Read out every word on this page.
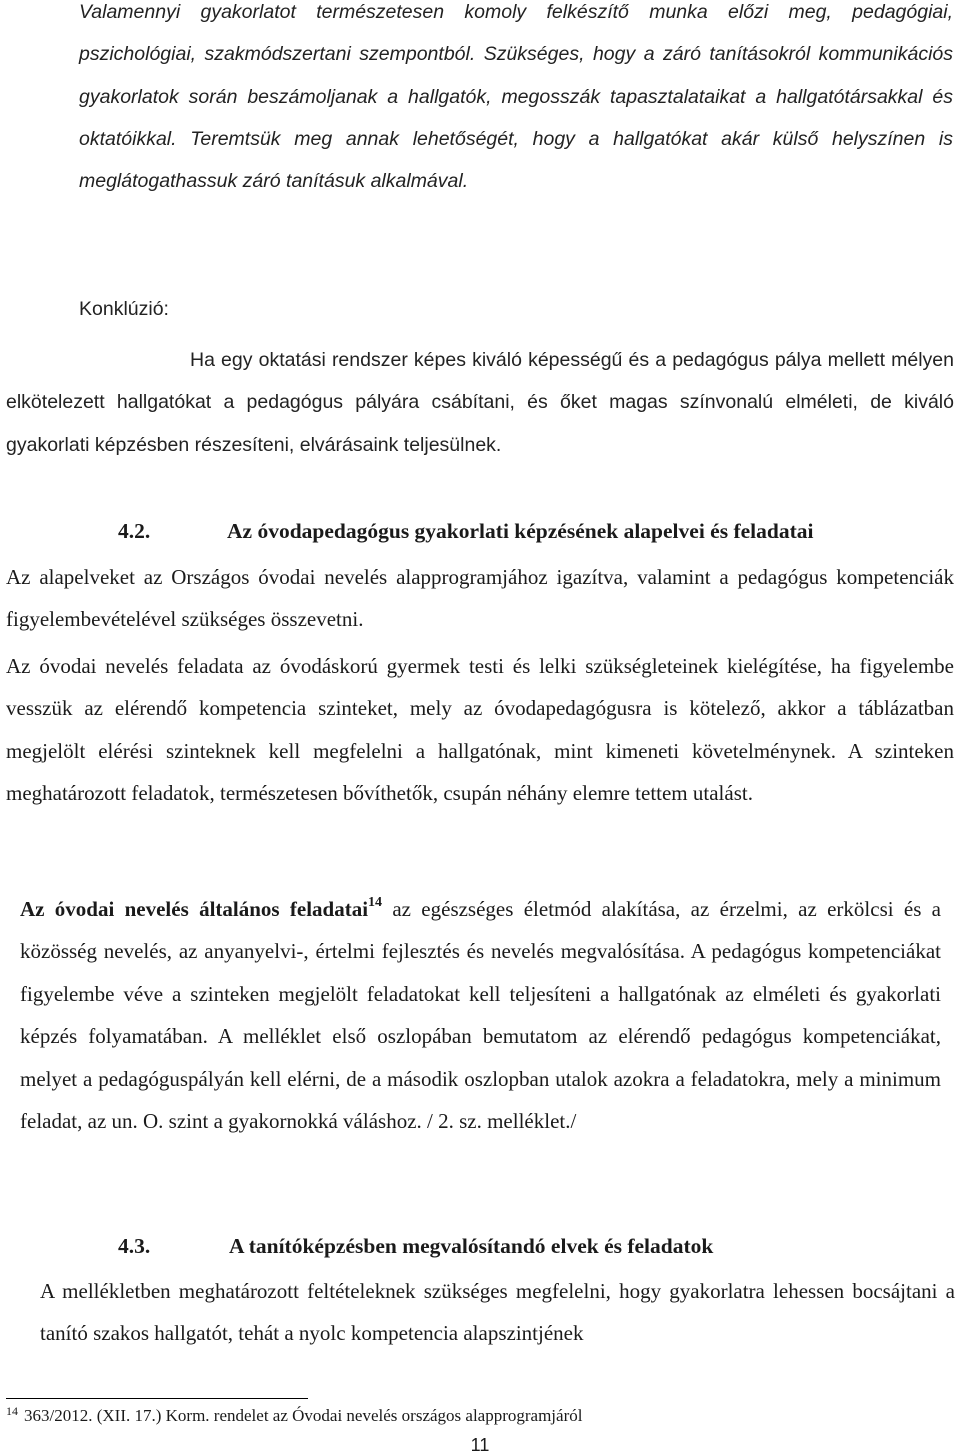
Valamennyi gyakorlatot természetesen komoly felkészítő munka előzi meg, pedagógiai, pszichológiai, szakmódszertani szempontból. Szükséges, hogy a záró tanításokról kommunikációs gyakorlatok során beszámoljanak a hallgatók, megosszák tapasztalataikat a hallgatótársakkal és oktatóikkal. Teremtsük meg annak lehetőségét, hogy a hallgatókat akár külső helyszínen is meglátogathassuk záró tanításuk alkalmával.

Konklúzió:

Ha egy oktatási rendszer képes kiváló képességű és a pedagógus pálya mellett mélyen elkötelezett hallgatókat a pedagógus pályára csábítani, és őket magas színvonalú elméleti, de kiváló gyakorlati képzésben részesíteni, elvárásaink teljesülnek.

4.2.	Az óvodapedagógus gyakorlati képzésének alapelvei és feladatai

Az alapelveket az Országos óvodai nevelés alapprogramjához igazítva, valamint a pedagógus kompetenciák figyelembevételével szükséges összevetni.

Az óvodai nevelés feladata az óvodáskorú gyermek testi és lelki szükségleteinek kielégítése, ha figyelembe vesszük az elérendő kompetencia szinteket, mely az óvodapedagógusra is kötelező, akkor a táblázatban megjelölt elérési szinteknek kell megfelelni a hallgatónak, mint kimeneti követelménynek. A szinteken meghatározott feladatok, természetesen bővíthetők, csupán néhány elemre tettem utalást.

Az óvodai nevelés általános feladatai$^{14}$ az egészséges életmód alakítása, az érzelmi, az erkölcsi és a közösség nevelés, az anyanyelvi-, értelmi fejlesztés és nevelés megvalósítása. A pedagógus kompetenciákat figyelembe véve a szinteken megjelölt feladatokat kell teljesíteni a hallgatónak az elméleti és gyakorlati képzés folyamatában. A melléklet első oszlopában bemutatom az elérendő pedagógus kompetenciákat, melyet a pedagóguspályán kell elérni, de a második oszlopban utalok azokra a feladatokra, mely a minimum feladat, az un. O. szint a gyakornokká váláshoz. / 2. sz. melléklet./

4.3.	A tanítóképzésben megvalósítandó elvek és feladatok

A mellékletben meghatározott feltételeknek szükséges megfelelni, hogy gyakorlatra lehessen bocsájtani a tanító szakos hallgatót, tehát a nyolc kompetencia alapszintjének

$^{14}$ 363/2012. (XII. 17.) Korm. rendelet az Óvodai nevelés országos alapprogramjáról
11
